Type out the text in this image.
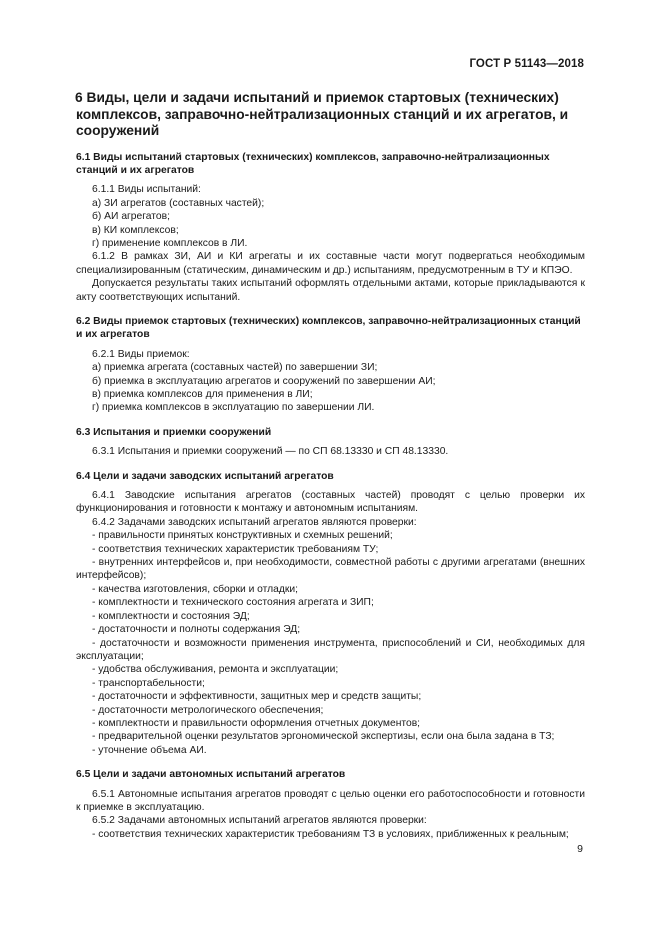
ГОСТ Р 51143—2018
6 Виды, цели и задачи испытаний и приемок стартовых (технических) комплексов, заправочно-нейтрализационных станций и их агрегатов, и сооружений
6.1 Виды испытаний стартовых (технических) комплексов, заправочно-нейтрализационных станций и их агрегатов

6.1.1 Виды испытаний:

а) ЗИ агрегатов (составных частей);

б) АИ агрегатов;

в) КИ комплексов;

г) применение комплексов в ЛИ.

6.1.2 В рамках ЗИ, АИ и КИ агрегаты и их составные части могут подвергаться необходимым специализированным (статическим, динамическим и др.) испытаниям, предусмотренным в ТУ и КПЭО.

Допускается результаты таких испытаний оформлять отдельными актами, которые прикладываются к акту соответствующих испытаний.

6.2 Виды приемок стартовых (технических) комплексов, заправочно-нейтрализационных станций и их агрегатов

6.2.1 Виды приемок:

а) приемка агрегата (составных частей) по завершении ЗИ;

б) приемка в эксплуатацию агрегатов и сооружений по завершении АИ;

в) приемка комплексов для применения в ЛИ;

г) приемка комплексов в эксплуатацию по завершении ЛИ.

6.3 Испытания и приемки сооружений

6.3.1 Испытания и приемки сооружений — по СП 68.13330 и СП 48.13330.

6.4 Цели и задачи заводских испытаний агрегатов

6.4.1 Заводские испытания агрегатов (составных частей) проводят с целью проверки их функционирования и готовности к монтажу и автономным испытаниям.

6.4.2 Задачами заводских испытаний агрегатов являются проверки:

- правильности принятых конструктивных и схемных решений;

- соответствия технических характеристик требованиям ТУ;

- внутренних интерфейсов и, при необходимости, совместной работы с другими агрегатами (внешних интерфейсов);

- качества изготовления, сборки и отладки;

- комплектности и технического состояния агрегата и ЗИП;

- комплектности и состояния ЭД;

- достаточности и полноты содержания ЭД;

- достаточности и возможности применения инструмента, приспособлений и СИ, необходимых для эксплуатации;

- удобства обслуживания, ремонта и эксплуатации;

- транспортабельности;

- достаточности и эффективности, защитных мер и средств защиты;

- достаточности метрологического обеспечения;

- комплектности и правильности оформления отчетных документов;

- предварительной оценки результатов эргономической экспертизы, если она была задана в ТЗ;

- уточнение объема АИ.

6.5 Цели и задачи автономных испытаний агрегатов

6.5.1 Автономные испытания агрегатов проводят с целью оценки его работоспособности и готовности к приемке в эксплуатацию.

6.5.2 Задачами автономных испытаний агрегатов являются проверки:

- соответствия технических характеристик требованиям ТЗ в условиях, приближенных к реальным;

9
